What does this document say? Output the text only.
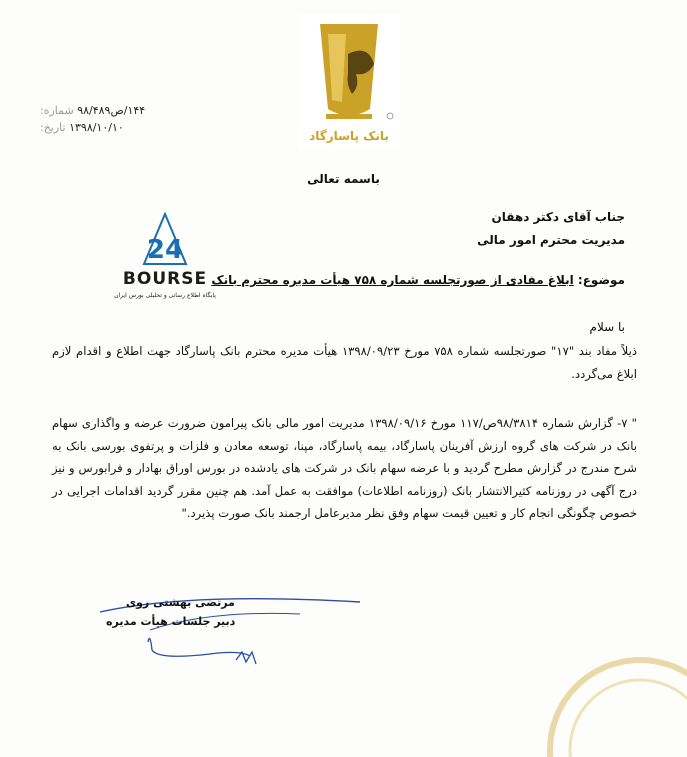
بانک پاسارگاد
۱۴۴/ص۹۸/۴۸۹ شماره:
۱۳۹۸/۱۰/۱۰ تاریخ:
باسمه تعالی
جناب آقای دکتر دهقان
مدیریت محترم امور مالی
24
BOURSE
پایگاه اطلاع رسانی و تحلیلی بورس ایران
موضوع: ابلاغ مفادی از صورتجلسه شماره ۷۵۸ هیأت مدیره محترم بانک
با سلام
ذیلاً مفاد بند "۱۷" صورتجلسه شماره ۷۵۸ مورخ ۱۳۹۸/۰۹/۲۳ هیأت مدیره محترم بانک پاسارگاد جهت اطلاع و اقدام لازم ابلاغ می‌گردد.
" ۷- گزارش شماره ۹۸/۳۸۱۴ص/۱۱۷ مورخ ۱۳۹۸/۰۹/۱۶ مدیریت امور مالی بانک پیرامون ضرورت عرضه و واگذاری سهام بانک در شرکت های گروه ارزش آفرینان پاسارگاد، بیمه پاسارگاد، مپنا، توسعه معادن و فلزات و پرتفوی بورسی بانک به شرح مندرج در گزارش مطرح گردید و با عرضه سهام بانک در شرکت های یادشده در بورس اوراق بهادار و فرابورس و نیز درج آگهی در روزنامه کثیرالانتشار بانک (روزنامه اطلاعات) موافقت به عمل آمد. هم چنین مقرر گردید اقدامات اجرایی در خصوص چگونگی انجام کار و تعیین قیمت سهام وفق نظر مدیرعامل ارجمند بانک صورت پذیرد."
مرتضی بهشتی روی
دبیر جلسات هیأت مدیره
